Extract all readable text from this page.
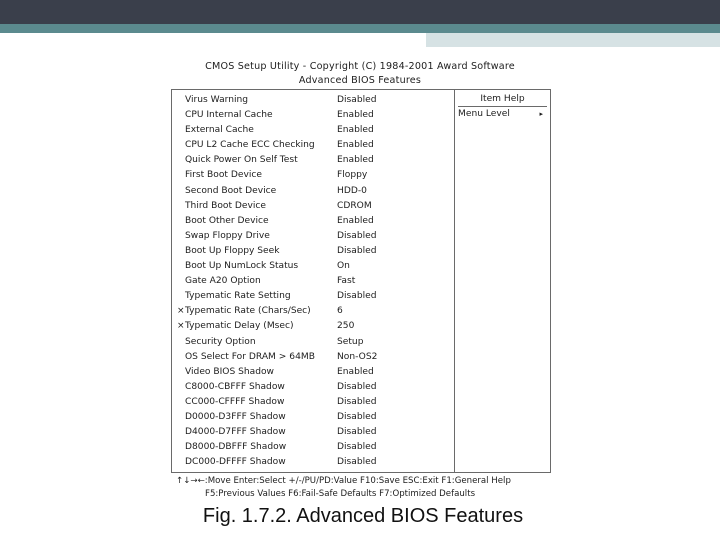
CMOS Setup Utility - Copyright (C) 1984-2001 Award Software
Advanced BIOS Features
Virus Warning	Disabled
CPU Internal Cache	Enabled
External Cache	Enabled
CPU L2 Cache ECC Checking Enabled
Quick Power On Self Test	Enabled
First Boot Device	Floppy
Second Boot Device	HDD-0
Third Boot Device	CDROM
Boot Other Device	Enabled
Swap Floppy Drive	Disabled
Boot Up Floppy Seek	Disabled
Boot Up NumLock Status	On
Gate A20 Option	Fast
Typematic Rate Setting	Disabled
× Typematic Rate (Chars/Sec)	6
× Typematic Delay (Msec)	250
Security Option	Setup
OS Select For DRAM > 64MB Non-OS2
Video BIOS Shadow	Enabled
C8000-CBFFF Shadow	Disabled
CC000-CFFFF Shadow	Disabled
D0000-D3FFF Shadow	Disabled
D4000-D7FFF Shadow	Disabled
D8000-DBFFF Shadow	Disabled
DC000-DFFFF Shadow	Disabled
Item Help
Menu Level	▸
↑↓→←:Move Enter:Select +/-/PU/PD:Value F10:Save ESC:Exit F1:General Help
F5:Previous Values F6:Fail-Safe Defaults F7:Optimized Defaults
Fig. 1.7.2. Advanced BIOS Features
